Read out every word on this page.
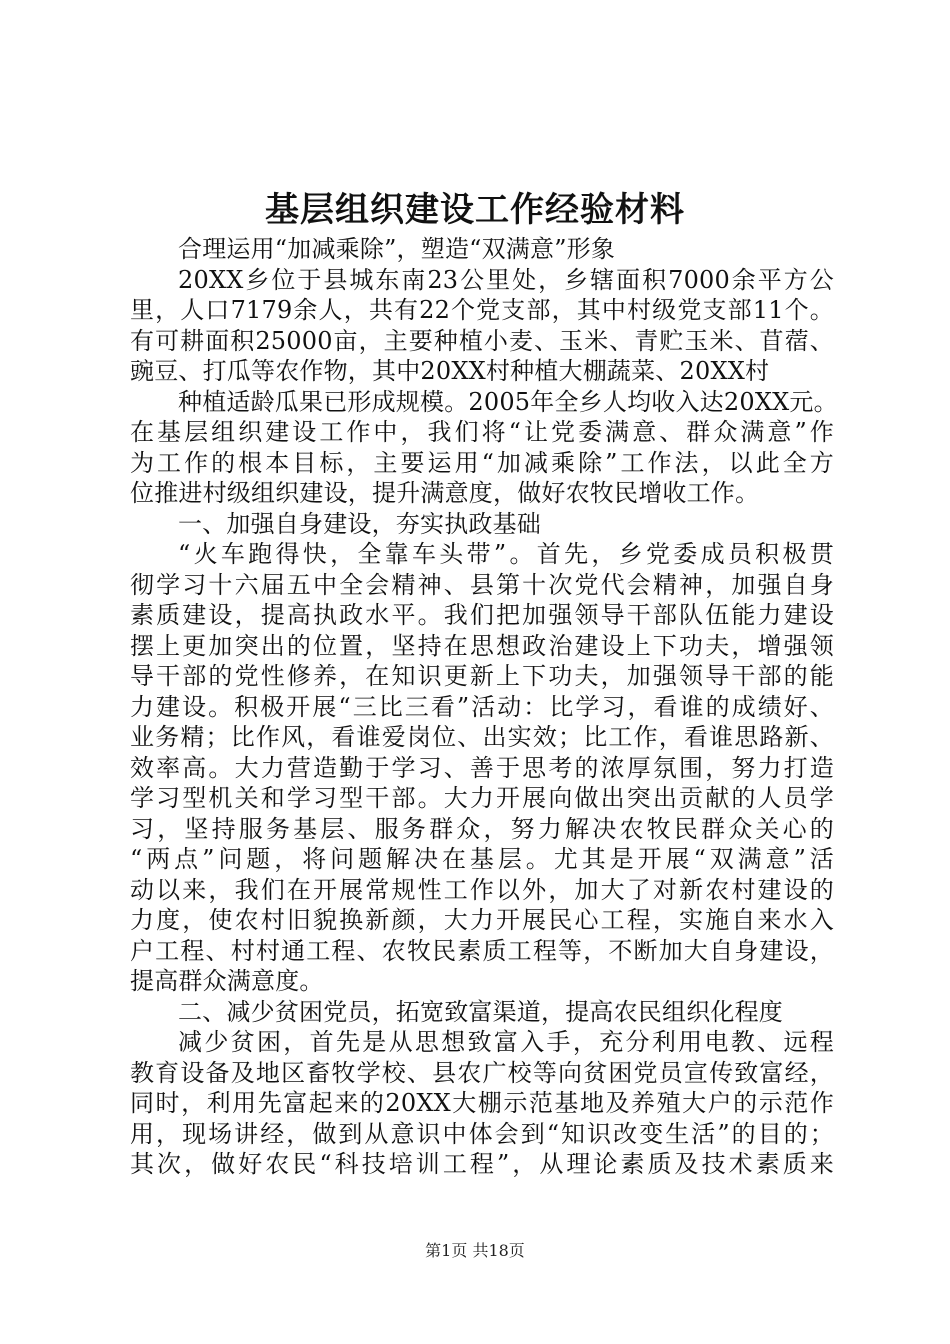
基层组织建设工作经验材料
合理运用“加减乘除”，塑造“双满意”形象
20XX乡位于县城东南23公里处，乡辖面积7000余平方公
里，人口7179余人，共有22个党支部，其中村级党支部11个。
有可耕面积25000亩，主要种植小麦、玉米、青贮玉米、苜蓿、
豌豆、打瓜等农作物，其中20XX村种植大棚蔬菜、20XX村
种植适龄瓜果已形成规模。2005年全乡人均收入达20XX元。
在基层组织建设工作中，我们将“让党委满意、群众满意”作
为工作的根本目标，主要运用“加减乘除”工作法，以此全方
位推进村级组织建设，提升满意度，做好农牧民增收工作。
一、加强自身建设，夯实执政基础
“火车跑得快，全靠车头带”。首先，乡党委成员积极贯
彻学习十六届五中全会精神、县第十次党代会精神，加强自身
素质建设，提高执政水平。我们把加强领导干部队伍能力建设
摆上更加突出的位置，坚持在思想政治建设上下功夫，增强领
导干部的党性修养，在知识更新上下功夫，加强领导干部的能
力建设。积极开展“三比三看”活动：比学习，看谁的成绩好、
业务精；比作风，看谁爱岗位、出实效；比工作，看谁思路新、
效率高。大力营造勤于学习、善于思考的浓厚氛围，努力打造
学习型机关和学习型干部。大力开展向做出突出贡献的人员学
习，坚持服务基层、服务群众，努力解决农牧民群众关心的
“两点”问题，将问题解决在基层。尤其是开展“双满意”活
动以来，我们在开展常规性工作以外，加大了对新农村建设的
力度，使农村旧貌换新颜，大力开展民心工程，实施自来水入
户工程、村村通工程、农牧民素质工程等，不断加大自身建设，
提高群众满意度。
二、减少贫困党员，拓宽致富渠道，提高农民组织化程度
减少贫困，首先是从思想致富入手，充分利用电教、远程
教育设备及地区畜牧学校、县农广校等向贫困党员宣传致富经，
同时，利用先富起来的20XX大棚示范基地及养殖大户的示范作
用，现场讲经，做到从意识中体会到“知识改变生活”的目的；
其次，做好农民“科技培训工程”，从理论素质及技术素质来
第1页 共18页
